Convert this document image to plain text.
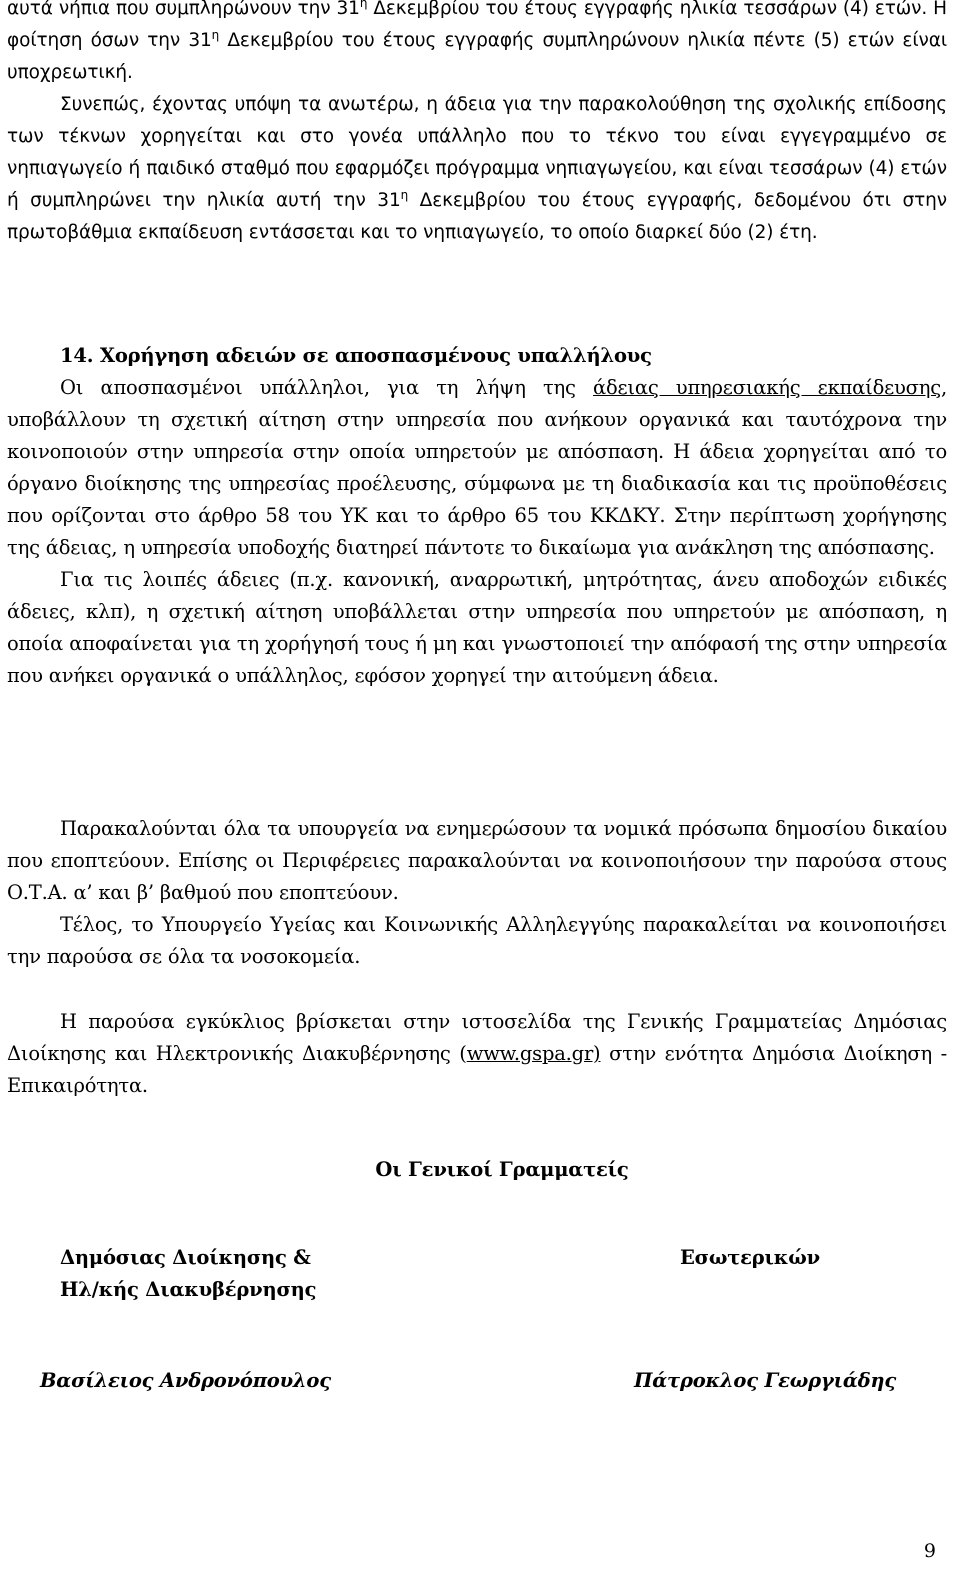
αυτά νήπια που συμπληρώνουν την $31^\eta$ Δεκεμβρίου του έτους εγγραφής ηλικία τεσσάρων (4) ετών. Η φοίτηση όσων την $31^\eta$ Δεκεμβρίου του έτους εγγραφής συμπληρώνουν ηλικία πέντε (5) ετών είναι υποχρεωτική.

Συνεπώς, έχοντας υπόψη τα ανωτέρω, η άδεια για την παρακολούθηση της σχολικής επίδοσης των τέκνων χορηγείται και στο γονέα υπάλληλο που το τέκνο του είναι εγγεγραμμένο σε νηπιαγωγείο ή παιδικό σταθμό που εφαρμόζει πρόγραμμα νηπιαγωγείου, και είναι τεσσάρων (4) ετών ή συμπληρώνει την ηλικία αυτή την $31^\eta$ Δεκεμβρίου του έτους εγγραφής, δεδομένου ότι στην πρωτοβάθμια εκπαίδευση εντάσσεται και το νηπιαγωγείο, το οποίο διαρκεί δύο (2) έτη.

14. Χορήγηση αδειών σε αποσπασμένους υπαλλήλους

Οι αποσπασμένοι υπάλληλοι, για τη λήψη της άδειας υπηρεσιακής εκπαίδευσης, υποβάλλουν τη σχετική αίτηση στην υπηρεσία που ανήκουν οργανικά και ταυτόχρονα την κοινοποιούν στην υπηρεσία στην οποία υπηρετούν με απόσπαση. Η άδεια χορηγείται από το όργανο διοίκησης της υπηρεσίας προέλευσης, σύμφωνα με τη διαδικασία και τις προϋποθέσεις που ορίζονται στο άρθρο 58 του ΥΚ και το άρθρο 65 του ΚΚΔΚΥ. Στην περίπτωση χορήγησης της άδειας, η υπηρεσία υποδοχής διατηρεί πάντοτε το δικαίωμα για ανάκληση της απόσπασης.

Για τις λοιπές άδειες (π.χ. κανονική, αναρρωτική, μητρότητας, άνευ αποδοχών ειδικές άδειες, κλπ), η σχετική αίτηση υποβάλλεται στην υπηρεσία που υπηρετούν με απόσπαση, η οποία αποφαίνεται για τη χορήγησή τους ή μη και γνωστοποιεί την απόφασή της στην υπηρεσία που ανήκει οργανικά ο υπάλληλος, εφόσον χορηγεί την αιτούμενη άδεια.

Παρακαλούνται όλα τα υπουργεία να ενημερώσουν τα νομικά πρόσωπα δημοσίου δικαίου που εποπτεύουν. Επίσης οι Περιφέρειες παρακαλούνται να κοινοποιήσουν την παρούσα στους Ο.Τ.Α. α’ και β’ βαθμού που εποπτεύουν.

Τέλος, το Υπουργείο Υγείας και Κοινωνικής Αλληλεγγύης παρακαλείται να κοινοποιήσει την παρούσα σε όλα τα νοσοκομεία.

Η παρούσα εγκύκλιος βρίσκεται στην ιστοσελίδα της Γενικής Γραμματείας Δημόσιας Διοίκησης και Ηλεκτρονικής Διακυβέρνησης (www.gspa.gr) στην ενότητα Δημόσια Διοίκηση - Επικαιρότητα.

Οι Γενικοί Γραμματείς
Δημόσιας Διοίκησης &
Ηλ/κής Διακυβέρνησης
Εσωτερικών
Βασίλειος Ανδρονόπουλος	Πάτροκλος Γεωργιάδης
9
